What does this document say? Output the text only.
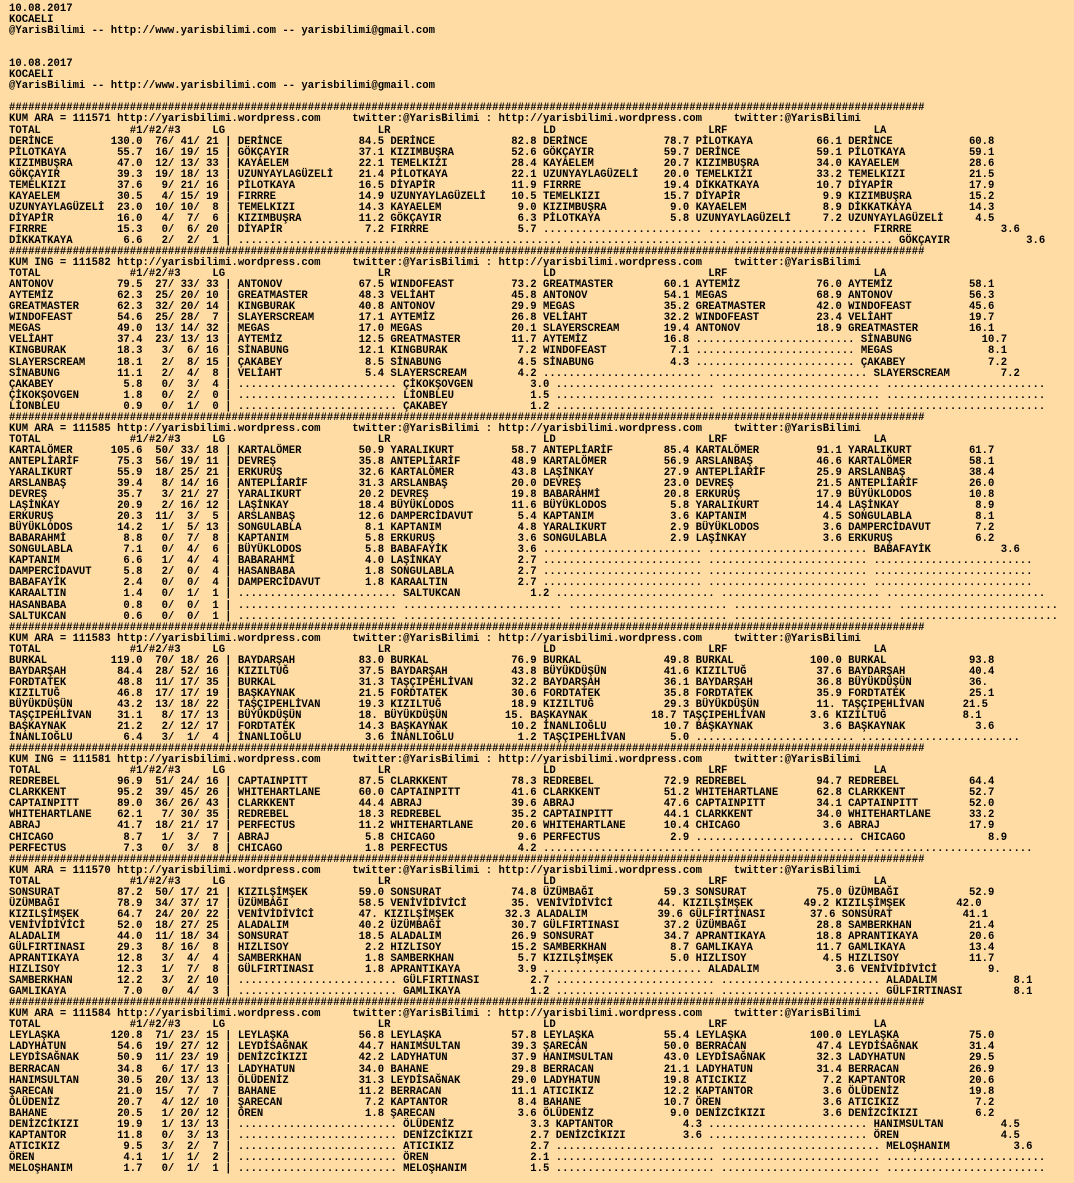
10.08.2017
KOCAELI
@YarisBilimi -- http://www.yarisbilimi.com -- yarisbilimi@gmail.com
10.08.2017
KOCAELI
@YarisBilimi -- http://www.yarisbilimi.com -- yarisbilimi@gmail.com
################################################################################################################################################
KUM ARA = 111571 http://yarisbilimi.wordpress.com     twitter:@YarisBilimi : http://yarisbilimi.wordpress.com     twitter:@YarisBilimi
TOTAL              #1/#2/#3     LG                        LR                        LD                        LRF                       LA
DERİNCE         130.0  76/ 41/ 21 | DERİNCE            84.5 DERİNCE            82.8 DERİNCE            78.7 PİLOTKAYA          66.1 DERİNCE            60.8
PİLOTKAYA        55.7  16/ 19/ 15 | GÖKÇAYIR           37.1 KIZIMBUŞRA         52.6 GÖKÇAYIR           59.7 DERİNCE            59.1 PİLOTKAYA          59.1
KIZIMBUŞRA       47.0  12/ 13/ 33 | KAYAELEM           22.1 TEMELKIZI          28.4 KAYAELEM           20.7 KIZIMBUŞRA         34.0 KAYAELEM           28.6
GÖKÇAYIR         39.3  19/ 18/ 13 | UZUNYAYLAGÜZELİ    21.4 PİLOTKAYA          22.1 UZUNYAYLAGÜZELİ    20.0 TEMELKIZI          33.2 TEMELKIZI          21.5
TEMELKIZI        37.6   9/ 21/ 16 | PİLOTKAYA          16.5 DİYAPİR            11.9 FIRRRE             19.4 DİKKATKAYA         10.7 DİYAPİR            17.9
KAYAELEM         30.5   4/ 15/ 19 | FIRRRE             14.9 UZUNYAYLAGÜZELİ    10.5 TEMELKIZI          15.7 DİYAPİR             9.9 KIZIMBUŞRA         15.2
UZUNYAYLAGÜZELİ  23.0  10/ 10/  8 | TEMELKIZI          14.3 KAYAELEM            9.0 KIZIMBUŞRA          9.0 KAYAELEM            8.9 DİKKATKAYA         14.3
DİYAPİR          16.0   4/  7/  6 | KIZIMBUŞRA         11.2 GÖKÇAYIR            6.3 PİLOTKAYA           5.8 UZUNYAYLAGÜZELİ     7.2 UZUNYAYLAGÜZELİ     4.5
FIRRRE           15.3   0/  6/ 20 | DİYAPİR             7.2 FIRRRE              5.7 ......................... ......................... FIRRRE              3.6
DİKKATKAYA        6.6   2/  2/  1 | ......................... ......................... ......................... ......................... GÖKÇAYIR            3.6
################################################################################################################################################
KUM ING = 111582 http://yarisbilimi.wordpress.com     twitter:@YarisBilimi : http://yarisbilimi.wordpress.com     twitter:@YarisBilimi
TOTAL              #1/#2/#3     LG                        LR                        LD                        LRF                       LA
ANTONOV          79.5  27/ 33/ 33 | ANTONOV            67.5 WINDOFEAST         73.2 GREATMASTER        60.1 AYTEMİZ            76.0 AYTEMİZ            58.1
AYTEMİZ          62.3  25/ 20/ 10 | GREATMASTER        48.3 VELİAHT            45.8 ANTONOV            54.1 MEGAS              68.9 ANTONOV            56.3
GREATMASTER      62.3  32/ 20/ 14 | KINGBURAK          40.8 ANTONOV            29.9 MEGAS              35.2 GREATMASTER        42.0 WINDOFEAST         45.6
WINDOFEAST       54.6  25/ 28/  7 | SLAYERSCREAM       17.1 AYTEMİZ            26.8 VELİAHT            32.2 WINDOFEAST         23.4 VELİAHT            19.7
MEGAS            49.0  13/ 14/ 32 | MEGAS              17.0 MEGAS              20.1 SLAYERSCREAM       19.4 ANTONOV            18.9 GREATMASTER        16.1
VELİAHT          37.4  23/ 13/ 13 | AYTEMİZ            12.5 GREATMASTER        11.7 AYTEMİZ            16.8 ......................... SİNABUNG           10.7
KINGBURAK        18.3   3/  6/ 16 | SİNABUNG           12.1 KINGBURAK           7.2 WINDOFEAST          7.1 ......................... MEGAS               8.1
SLAYERSCREAM     18.1   2/  8/ 15 | ÇAKABEY             8.5 SİNABUNG            4.5 SİNABUNG            4.3 ......................... ÇAKABEY             7.2
SİNABUNG         11.1   2/  4/  8 | VELİAHT             5.4 SLAYERSCREAM        4.2 ......................... ......................... SLAYERSCREAM        7.2
ÇAKABEY           5.8   0/  3/  4 | ......................... ÇİKOKŞOVGEN         3.0 ......................... ......................... .........................
ÇİKOKŞOVGEN       1.8   0/  2/  0 | ......................... LİONBLEU            1.5 ......................... ......................... .........................
LİONBLEU          0.9   0/  1/  0 | ......................... ÇAKABEY             1.2 ......................... ......................... .........................
################################################################################################################################################
KUM ARA = 111585 http://yarisbilimi.wordpress.com     twitter:@YarisBilimi : http://yarisbilimi.wordpress.com     twitter:@YarisBilimi
TOTAL              #1/#2/#3     LG                        LR                        LD                        LRF                       LA
KARTALÖMER      105.6  50/ 33/ 18 | KARTALÖMER         50.9 YARALIKURT         58.7 ANTEPLİARİF        85.4 KARTALÖMER         91.1 YARALIKURT         61.7
ANTEPLİARİF      75.3  56/ 19/ 11 | DEVREŞ             35.8 ANTEPLİARİF        48.9 KARTALÖMER         56.9 ARSLANBAŞ          46.6 KARTALÖMER         58.1
YARALIKURT       55.9  18/ 25/ 21 | ERKURUŞ            32.6 KARTALÖMER         43.8 LAŞİNKAY           27.9 ANTEPLİARİF        25.9 ARSLANBAŞ          38.4
ARSLANBAŞ        39.4   8/ 14/ 16 | ANTEPLİARİF        31.3 ARSLANBAŞ          20.0 DEVREŞ             23.0 DEVREŞ             21.5 ANTEPLİARİF        26.0
DEVREŞ           35.7   3/ 21/ 27 | YARALIKURT         20.2 DEVREŞ             19.8 BABARAHMİ          20.8 ERKURUŞ            17.9 BÜYÜKLODOS         10.8
LAŞİNKAY         20.9   2/ 16/ 12 | LAŞİNKAY           18.4 BÜYÜKLODOS         11.6 BÜYÜKLODOS          5.8 YARALIKURT         14.4 LAŞİNKAY            8.9
ERKURUŞ          20.3  11/  3/  5 | ARSLANBAŞ          12.6 DAMPERCİDAVUT       5.4 KAPTANIM            3.6 KAPTANIM            4.5 SONGULABLA          8.1
BÜYÜKLODOS       14.2   1/  5/ 13 | SONGULABLA          8.1 KAPTANIM            4.8 YARALIKURT          2.9 BÜYÜKLODOS          3.6 DAMPERCİDAVUT       7.2
BABARAHMİ         8.8   0/  7/  8 | KAPTANIM            5.8 ERKURUŞ             3.6 SONGULABLA          2.9 LAŞİNKAY            3.6 ERKURUŞ             6.2
SONGULABLA        7.1   0/  4/  6 | BÜYÜKLODOS          5.8 BABAFAYİK           3.6 ......................... ......................... BABAFAYİK           3.6
KAPTANIM          6.6   1/  4/  4 | BABARAHMİ           4.0 LAŞİNKAY            2.7 ......................... ......................... .........................
DAMPERCİDAVUT     5.8   2/  0/  4 | HASANBABA           1.8 SONGULABLA          2.7 ......................... ......................... .........................
BABAFAYİK         2.4   0/  0/  4 | DAMPERCİDAVUT       1.8 KARAALTIN           2.7 ......................... ......................... .........................
KARAALTIN         1.4   0/  1/  1 | ......................... SALTUKCAN           1.2 ......................... ......................... .........................
HASANBABA         0.8   0/  0/  1 | ......................... ......................... ......................... ......................... .........................
SALTUKCAN         0.6   0/  0/  1 | ......................... ......................... ......................... ......................... .........................
################################################################################################################################################
KUM ARA = 111583 http://yarisbilimi.wordpress.com     twitter:@YarisBilimi : http://yarisbilimi.wordpress.com     twitter:@YarisBilimi
TOTAL              #1/#2/#3     LG                        LR                        LD                        LRF                       LA
BURKAL          119.0  70/ 18/ 26 | BAYDARŞAH          83.0 BURKAL             76.9 BURKAL             49.8 BURKAL            100.0 BURKAL             93.8
BAYDARŞAH        84.4  28/ 52/ 16 | KIZILTUĞ           37.5 BAYDARŞAH          43.8 BÜYÜKDÜŞÜN         41.6 KIZILTUĞ           37.6 BAYDARŞAH          40.4
FORDTATEK        48.8  11/ 17/ 35 | BURKAL             31.3 TAŞÇIPEHLİVAN      32.2 BAYDARŞAH          36.1 BAYDARŞAH          36.8 BÜYÜKDÜŞÜN         36.
KIZILTUĞ         46.8  17/ 17/ 19 | BAŞKAYNAK          21.5 FORDTATEK          30.6 FORDTATEK          35.8 FORDTATEK          35.9 FORDTATEK          25.1
BÜYÜKDÜŞÜN       43.2  13/ 18/ 22 | TAŞÇIPEHLİVAN      19.3 KIZILTUĞ           18.9 KIZILTUĞ           29.3 BÜYÜKDÜŞÜN         11. TAŞÇIPEHLİVAN      21.5
TAŞÇIPEHLİVAN    31.1   8/ 17/ 13 | BÜYÜKDÜŞÜN         18. BÜYÜKDÜŞÜN         15. BAŞKAYNAK          18.7 TAŞÇIPEHLİVAN       3.6 KIZILTUĞ            8.1
BAŞKAYNAK        21.2   2/ 12/ 17 | FORDTATEK          14.3 BAŞKAYNAK          10.2 İNANLIOĞLU         10.7 BAŞKAYNAK           3.6 BAŞKAYNAK           3.6
İNANLIOĞLU        6.4   3/  1/  4 | İNANLIOĞLU          3.6 İNANLIOĞLU          1.2 TAŞÇIPEHLİVAN       5.0 ......................... .........................
################################################################################################################################################
KUM ING = 111581 http://yarisbilimi.wordpress.com     twitter:@YarisBilimi : http://yarisbilimi.wordpress.com     twitter:@YarisBilimi
TOTAL              #1/#2/#3     LG                        LR                        LD                        LRF                       LA
REDREBEL         96.9  51/ 24/ 16 | CAPTAINPITT        87.5 CLARKKENT          78.3 REDREBEL           72.9 REDREBEL           94.7 REDREBEL           64.4
CLARKKENT        95.2  39/ 45/ 26 | WHITEHARTLANE      60.0 CAPTAINPITT        41.6 CLARKKENT          51.2 WHITEHARTLANE      62.8 CLARKKENT          52.7
CAPTAINPITT      89.0  36/ 26/ 43 | CLARKKENT          44.4 ABRAJ              39.6 ABRAJ              47.6 CAPTAINPITT        34.1 CAPTAINPITT        52.0
WHITEHARTLANE    62.1   7/ 30/ 35 | REDREBEL           18.3 REDREBEL           35.2 CAPTAINPITT        44.1 CLARKKENT          34.0 WHITEHARTLANE      33.2
ABRAJ            41.7  18/ 21/ 17 | PERFECTUS          11.2 WHITEHARTLANE      20.6 WHITEHARTLANE      10.4 CHICAGO             3.6 ABRAJ              17.9
CHICAGO           8.7   1/  3/  7 | ABRAJ               5.8 CHICAGO             9.6 PERFECTUS           2.9 ......................... CHICAGO             8.9
PERFECTUS         7.3   0/  3/  8 | CHICAGO             1.8 PERFECTUS           4.2 ......................... ......................... .........................
################################################################################################################################################
KUM ARA = 111570 http://yarisbilimi.wordpress.com     twitter:@YarisBilimi : http://yarisbilimi.wordpress.com     twitter:@YarisBilimi
TOTAL              #1/#2/#3     LG                        LR                        LD                        LRF                       LA
SONSURAT         87.2  50/ 17/ 21 | KIZILŞİMŞEK        59.0 SONSURAT           74.8 ÜZÜMBAĞI           59.3 SONSURAT           75.0 ÜZÜMBAĞI           52.9
ÜZÜMBAĞI         78.9  34/ 37/ 17 | ÜZÜMBAĞI           58.5 VENİVİDİVİCİ       35. VENİVİDİVİCİ       44. KIZILŞİMŞEK        49.2 KIZILŞİMŞEK        42.0
KIZILŞİMŞEK      64.7  24/ 20/ 22 | VENİVİDİVİCİ       47. KIZILŞİMŞEK        32.3 ALADALIM           39.6 GÜLFIRTINASI       37.6 SONSURAT           41.1
VENİVİDİVİCİ     52.0  18/ 27/ 25 | ALADALIM           40.2 ÜZÜMBAĞI           30.7 GÜLFIRTINASI       37.2 ÜZÜMBAĞI           28.8 SAMBERKHAN         21.4
ALADALIM         44.0  11/ 18/ 34 | SONSURAT           18.5 ALADALIM           26.9 SONSURAT           34.7 APRANTIKAYA        18.8 APRANTIKAYA        20.6
GÜLFIRTINASI     29.3   8/ 16/  8 | HIZLISOY            2.2 HIZLISOY           15.2 SAMBERKHAN          8.7 GAMLIKAYA          11.7 GAMLIKAYA          13.4
APRANTIKAYA      12.8   3/  4/  4 | SAMBERKHAN          1.8 SAMBERKHAN          5.7 KIZILŞİMŞEK         5.0 HIZLISOY            4.5 HIZLISOY           11.7
HIZLISOY         12.3   1/  7/  8 | GÜLFIRTINASI        1.8 APRANTIKAYA         3.9 ......................... ALADALIM            3.6 VENİVİDİVİCİ        9.
SAMBERKHAN       12.2   3/  2/ 10 | ......................... GÜLFIRTINASI        2.7 ......................... ......................... ALADALIM            8.1
GAMLIKAYA         7.0   0/  4/  3 | ......................... GAMLIKAYA           1.2 ......................... ......................... GÜLFIRTINASI        8.1
################################################################################################################################################
KUM ARA = 111584 http://yarisbilimi.wordpress.com     twitter:@YarisBilimi : http://yarisbilimi.wordpress.com     twitter:@YarisBilimi
TOTAL              #1/#2/#3     LG                        LR                        LD                        LRF                       LA
LEYLAŞKA        120.8  71/ 23/ 15 | LEYLAŞKA           56.8 LEYLAŞKA           57.8 LEYLAŞKA           55.4 LEYLAŞKA          100.0 LEYLAŞKA           75.0
LADYHATUN        54.6  19/ 27/ 12 | LEYDİSAĞNAK        44.7 HANIMSULTAN        39.3 ŞARECAN            50.0 BERRACAN           47.4 LEYDİSAĞNAK        31.4
LEYDİSAĞNAK      50.9  11/ 23/ 19 | DENİZCİKIZI        42.2 LADYHATUN          37.9 HANIMSULTAN        43.0 LEYDİSAĞNAK        32.3 LADYHATUN          29.5
BERRACAN         34.8   6/ 17/ 13 | LADYHATUN          34.0 BAHANE             29.8 BERRACAN           21.1 LADYHATUN          31.4 BERRACAN           26.9
HANIMSULTAN      30.5  20/ 13/ 13 | ÖLÜDENİZ           31.3 LEYDİSAĞNAK        29.0 LADYHATUN          19.8 ATICIKIZ            7.2 KAPTANTOR          20.6
ŞARECAN          21.0  15/  7/  7 | BAHANE             11.2 BERRACAN           11.1 ATICIKIZ           12.2 KAPTANTOR           3.6 ÖLÜDENİZ           19.8
ÖLÜDENİZ         20.7   4/ 12/ 10 | ŞARECAN             7.2 KAPTANTOR           8.4 BAHANE             10.7 ÖREN                3.6 ATICIKIZ            7.2
BAHANE           20.5   1/ 20/ 12 | ÖREN                1.8 ŞARECAN             3.6 ÖLÜDENİZ            9.0 DENİZCİKIZI         3.6 DENİZCİKIZI         6.2
DENİZCİKIZI      19.9   1/ 13/ 13 | ......................... ÖLÜDENİZ            3.3 KAPTANTOR           4.3 ......................... HANIMSULTAN         4.5
KAPTANTOR        11.8   0/  3/ 13 | ......................... DENİZCİKIZI         2.7 DENİZCİKIZI         3.6 ......................... ÖREN                4.5
ATICIKIZ          9.5   3/  2/  7 | ......................... ATICIKIZ            2.7 ......................... ......................... MELOŞHANIM          3.6
ÖREN              4.1   1/  1/  2 | ......................... ÖREN                2.1 ......................... ......................... .........................
MELOŞHANIM        1.7   0/  1/  1 | ......................... MELOŞHANIM          1.5 ......................... ......................... .........................
